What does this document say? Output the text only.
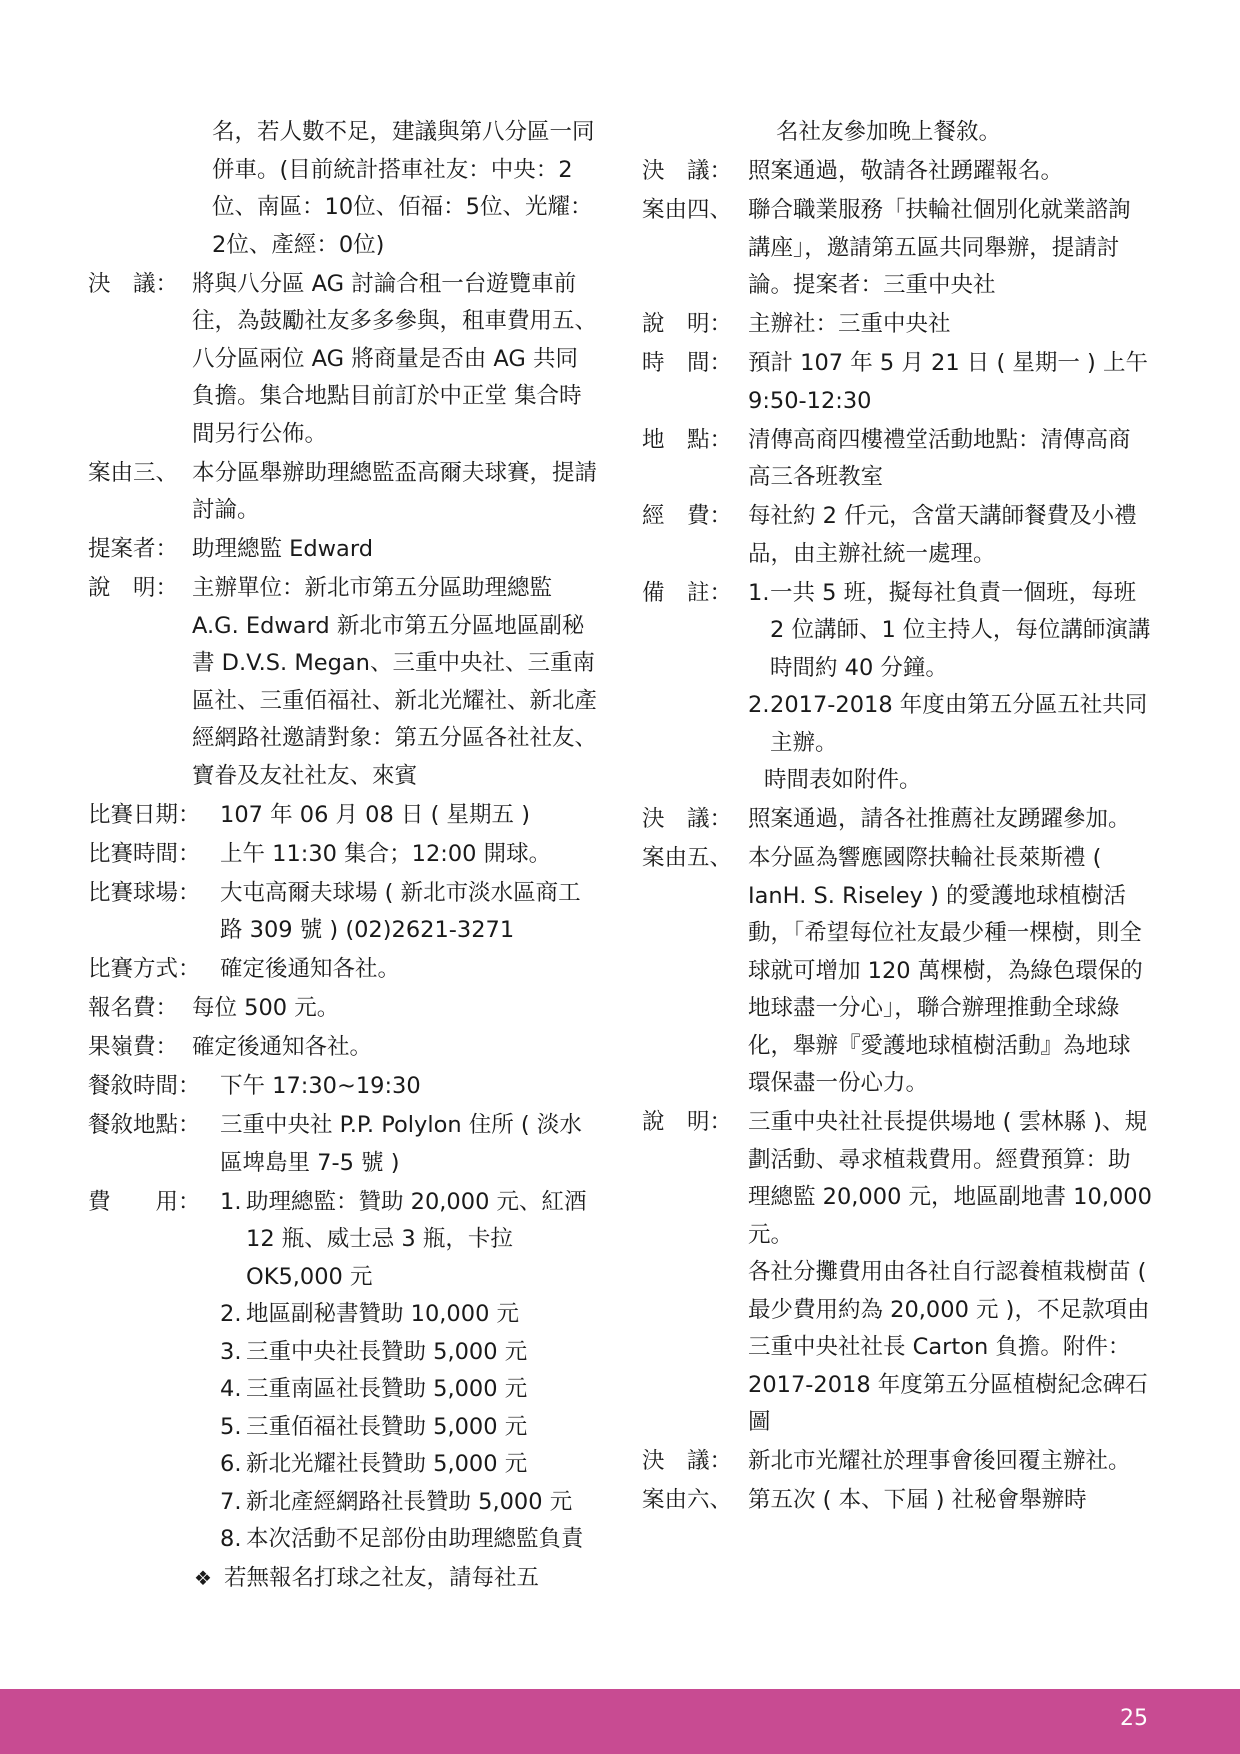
名，若人數不足，建議與第八分區一同併車。(目前統計搭車社友：中央：2位、南區：10位、佰福：5位、光耀：2位、產經：0位)
決　議： 將與八分區 AG 討論合租一台遊覽車前往，為鼓勵社友多多參與，租車費用五、八分區兩位 AG 將商量是否由 AG 共同負擔。集合地點目前訂於中正堂 集合時間另行公佈。
案由三、 本分區舉辦助理總監盃高爾夫球賽，提請討論。
提案者： 助理總監 Edward
說　明： 主辦單位：新北市第五分區助理總監 A.G. Edward 新北市第五分區地區副秘書 D.V.S. Megan、三重中央社、三重南區社、三重佰福社、新北光耀社、新北產經網路社邀請對象：第五分區各社社友、寶眷及友社社友、來賓
比賽日期： 107 年 06 月 08 日 ( 星期五 )
比賽時間： 上午 11:30 集合；12:00 開球。
比賽球場： 大屯高爾夫球場 ( 新北市淡水區商工路 309 號 ) (02)2621-3271
比賽方式： 確定後通知各社。
報名費： 每位 500 元。
果嶺費： 確定後通知各社。
餐敘時間： 下午 17:30~19:30
餐敘地點： 三重中央社 P.P. Polylon 住所 ( 淡水區埤島里 7-5 號 )
費　　用： 1. 助理總監：贊助 20,000 元、紅酒 12 瓶、威士忌 3 瓶，卡拉 OK5,000 元
2. 地區副秘書贊助 10,000 元
3. 三重中央社長贊助 5,000 元
4. 三重南區社長贊助 5,000 元
5. 三重佰福社長贊助 5,000 元
6. 新北光耀社長贊助 5,000 元
7. 新北產經網路社長贊助 5,000 元
8. 本次活動不足部份由助理總監負責
❖ 若無報名打球之社友，請每社五
名社友參加晚上餐敘。
決　議： 照案通過，敬請各社踴躍報名。
案由四、 聯合職業服務「扶輪社個別化就業諮詢講座」，邀請第五區共同舉辦，提請討論。提案者：三重中央社
說　明： 主辦社：三重中央社
時　間： 預計 107 年 5 月 21 日 ( 星期一 ) 上午 9:50-12:30
地　點： 清傳高商四樓禮堂活動地點：清傳高商高三各班教室
經　費： 每社約 2 仟元，含當天講師餐費及小禮品，由主辦社統一處理。
備　註： 1. 一共 5 班，擬每社負責一個班，每班 2 位講師、1 位主持人，每位講師演講時間約 40 分鐘。
2. 2017-2018 年度由第五分區五社共同主辦。
時間表如附件。
決　議： 照案通過，請各社推薦社友踴躍參加。
案由五、 本分區為響應國際扶輪社長萊斯禮 ( IanH. S. Riseley ) 的愛護地球植樹活動，「希望每位社友最少種一棵樹，則全球就可增加 120 萬棵樹，為綠色環保的地球盡一分心」，聯合辦理推動全球綠化，舉辦『愛護地球植樹活動』為地球環保盡一份心力。
說　明： 三重中央社社長提供場地 ( 雲林縣 )、規劃活動、尋求植栽費用。經費預算：助理總監 20,000 元，地區副地書 10,000 元。
各社分攤費用由各社自行認養植栽樹苗 ( 最少費用約為 20,000 元 )，不足款項由三重中央社社長 Carton 負擔。附件：2017-2018 年度第五分區植樹紀念碑石圖
決　議： 新北市光耀社於理事會後回覆主辦社。
案由六、 第五次 ( 本、下屆 ) 社秘會舉辦時
25
